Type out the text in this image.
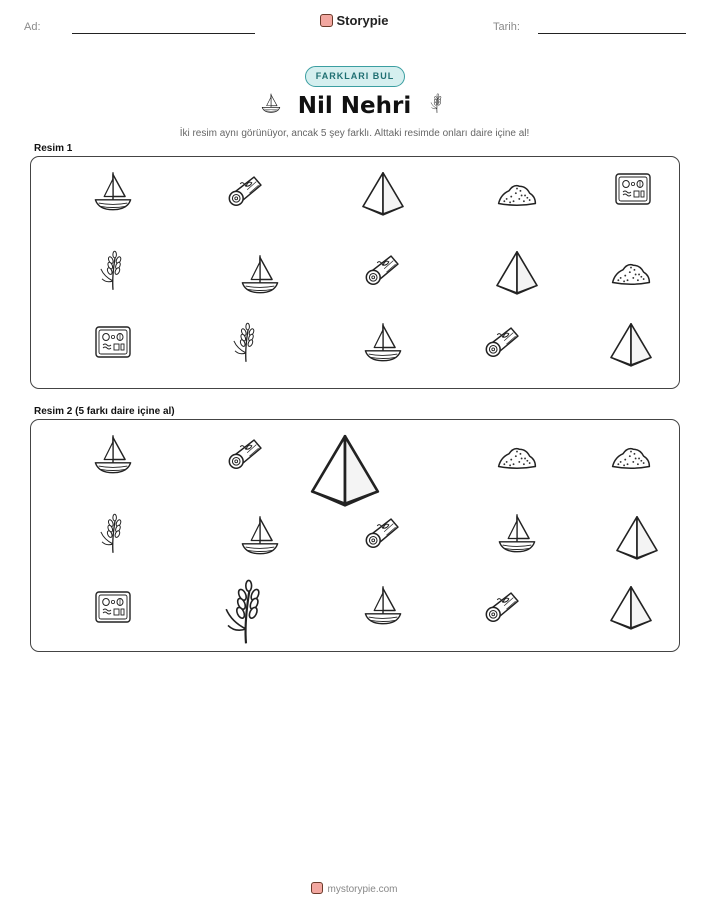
Ad:	Storypie	Tarih:
FARKLARI BUL
Nil Nehri
İki resim aynı görünüyor, ancak 5 şey farklı. Alttaki resimde onları daire içine al!
Resim 1
Resim 2 (5 farkı daire içine al)
mystorypie.com
